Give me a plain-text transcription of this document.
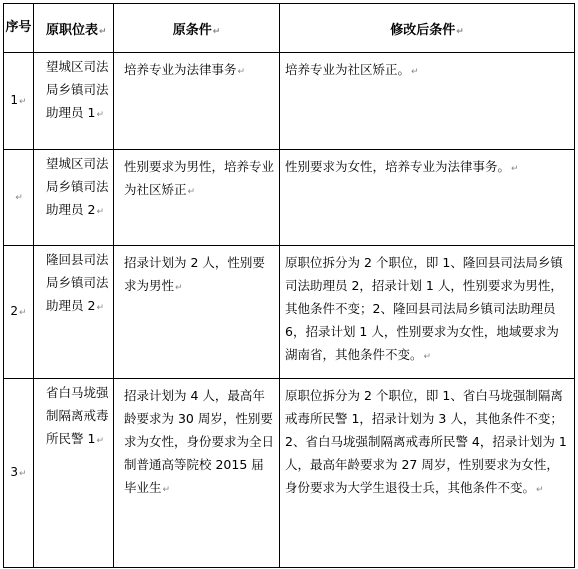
序号	原职位表↵	原条件↵	修改后条件↵
1↵	望城区司法局乡镇司法助理员 1↵	培养专业为法律事务↵	培养专业为社区矫正。↵
↵	望城区司法局乡镇司法助理员 2↵	性别要求为男性，培养专业为社区矫正↵	性别要求为女性，培养专业为法律事务。↵
2↵	隆回县司法局乡镇司法助理员 2↵	招录计划为 2 人，性别要求为男性↵	原职位拆分为 2 个职位，即 1、隆回县司法局乡镇司法助理员 2，招录计划 1 人，性别要求为男性，其他条件不变；2、隆回县司法局乡镇司法助理员 6，招录计划 1 人，性别要求为女性，地域要求为湖南省，其他条件不变。↵
3↵	省白马垅强制隔离戒毒所民警 1↵	招录计划为 4 人，最高年龄要求为 30 周岁，性别要求为女性，身份要求为全日制普通高等院校 2015 届毕业生↵	原职位拆分为 2 个职位，即 1、省白马垅强制隔离戒毒所民警 1，招录计划为 3 人，其他条件不变；2、省白马垅强制隔离戒毒所民警 4，招录计划为 1 人，最高年龄要求为 27 周岁，性别要求为女性，身份要求为大学生退役士兵，其他条件不变。↵
